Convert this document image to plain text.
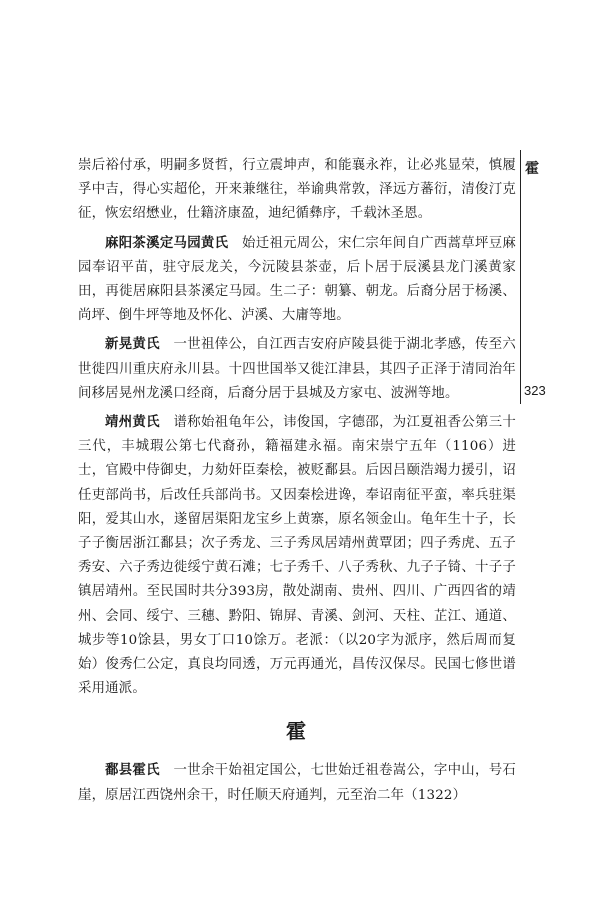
霍
323

崇后裕付承，明嗣多贤哲，行立震坤声，和能襄永祚，让必兆显荣，慎履孚中吉，得心实超伦，开来兼继往，举谕典常敦，泽远方蕃衍，清俊汀克征，恢宏绍懋业，仕籍济康盈，迪纪循彝序，千载沐圣恩。

麻阳茶溪定马园黄氏　始迁祖元周公，宋仁宗年间自广西蒿草坪豆麻园奉诏平苗，驻守辰龙关，今沅陵县茶壶，后卜居于辰溪县龙门溪黄家田，再徙居麻阳县茶溪定马园。生二子：朝纂、朝龙。后裔分居于杨溪、尚坪、倒牛坪等地及怀化、泸溪、大庸等地。

新晃黄氏　一世祖倖公，自江西吉安府庐陵县徙于湖北孝感，传至六世徙四川重庆府永川县。十四世国举又徙江津县，其四子正泽于清同治年间移居晃州龙溪口经商，后裔分居于县城及方家屯、波洲等地。

靖州黄氏　谱称始祖龟年公，讳俊国，字德邵，为江夏祖香公第三十三代，丰城瑕公第七代裔孙，籍福建永福。南宋崇宁五年（1106）进士，官殿中侍御史，力劾奸臣秦桧，被贬鄱县。后因吕颐浩竭力援引，诏任吏部尚书，后改任兵部尚书。又因秦桧进谗，奉诏南征平蛮，率兵驻渠阳，爱其山水，遂留居渠阳龙宝乡上黄寨，原名领金山。龟年生十子，长子子衡居浙江鄱县；次子秀龙、三子秀凤居靖州黄覃团；四子秀虎、五子秀安、六子秀边徙绥宁黄石滩；七子秀千、八子秀秋、九子子锜、十子子镇居靖州。至民国时共分393房，散处湖南、贵州、四川、广西四省的靖州、会同、绥宁、三穗、黔阳、锦屏、青溪、剑河、天柱、芷江、通道、城步等10馀县，男女丁口10馀万。老派：（以20字为派序，然后周而复始）俊秀仁公定，真良均同透，万元再通光，昌传汉保尽。民国七修世谱采用通派。

霍

鄱县霍氏　一世余干始祖定国公，七世始迁祖卷嵩公，字中山，号石崖，原居江西饶州余干，时任顺天府通判，元至治二年（1322）
